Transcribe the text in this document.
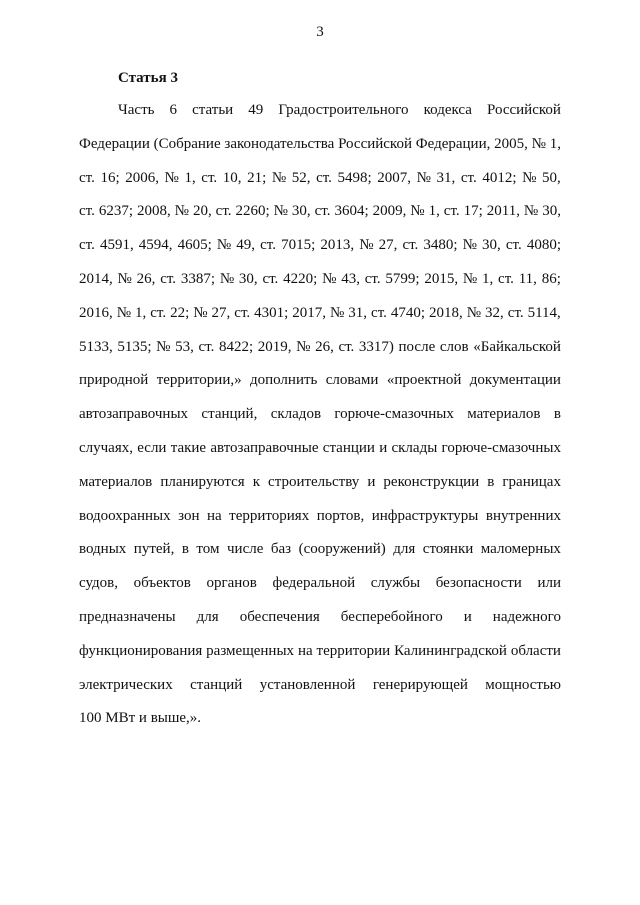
3
Статья 3
Часть 6 статьи 49 Градостроительного кодекса Российской
Федерации (Собрание законодательства Российской Федерации, 2005, № 1,
ст. 16; 2006, № 1, ст. 10, 21; № 52, ст. 5498; 2007, № 31, ст. 4012; № 50,
ст. 6237; 2008, № 20, ст. 2260; № 30, ст. 3604; 2009, № 1, ст. 17; 2011, № 30,
ст. 4591, 4594, 4605; № 49, ст. 7015; 2013, № 27, ст. 3480; № 30, ст. 4080;
2014, № 26, ст. 3387; № 30, ст. 4220; № 43, ст. 5799; 2015, № 1, ст. 11, 86;
2016, № 1, ст. 22; № 27, ст. 4301; 2017, № 31, ст. 4740; 2018, № 32, ст. 5114,
5133, 5135; № 53, ст. 8422; 2019, № 26, ст. 3317) после слов «Байкальской
природной территории,» дополнить словами «проектной документации
автозаправочных станций, складов горюче-смазочных материалов в
случаях, если такие автозаправочные станции и склады горюче-смазочных
материалов планируются к строительству и реконструкции в границах
водоохранных зон на территориях портов, инфраструктуры внутренних
водных путей, в том числе баз (сооружений) для стоянки маломерных
судов, объектов органов федеральной службы безопасности или
предназначены для обеспечения бесперебойного и надежного
функционирования размещенных на территории Калининградской области
электрических станций установленной генерирующей мощностью
100 МВт и выше,».
